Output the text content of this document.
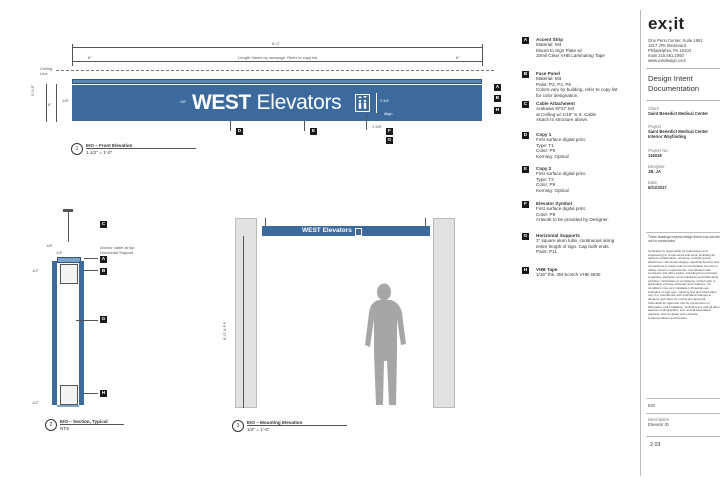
6'-0"
6"	6"
Length Varies by message. Refer to copy list
Ceiling
Line
WEST Elevators
1/8"	2 3/4"
Align
5'-9.5"
6"
1/8"
D	E	F
1 5/8"
G
A
B
H
1
EIO – Front Elevation
1 1/2" = 1'-0"
C
Anchor cable at top
Horizontal Support
1/8"
1/4"
1/2"
1/2"
A
B
G
H
2
EIO – Section, Typical
NTS
WEST Elevators
8'-0" A.F.F.
3
EIO – Mounting Elevation
1/2" = 1'-0"
A	Accent Strip
Material: M4
Mount to Sign Plate w/
10mil Clear VHB Laminating Tape
B	Face Panel
Material: M3
Paint: P2, P4, P6
Colors vary by building, refer to copy list
for color designation.
C	Cable Attachment
Arakawa SF37 Set
at Ceiling w/ 1/16" S.S. Cable
Attach to structure above.
D	Copy 1
First surface digital print.
Type: T1
Color: P9
Kerning: Optical
E	Copy 2
First surface digital print.
Type: T2
Color: P9
Kerning: Optical
F	Elevator Symbol
First surface digital print.
Color: P9
Artwork to be provided by Designer.
G	Horizontal Supports
1" square alum tube, continuous along
entire length of sign. Cap both ends.
Paint: P11
H	VHB Tape
1/16" thk. 3M Scotch VHB 4930
ex;it
One Penn Center, Suite 1661
1617 JFK Boulevard
Philadelphia, PA 19103
main 215.561.1950
www.exitdesign.com
Design Intent Documentation
Client
Saint Benedict Medical Center
Project
Saint Benedict Medical Center Interior Wayfinding
Project No
116028
Designer
JB, JA
Date
6/21/2017
These drawings express design intent only and are not for construction.
Contractor is responsible for final design and engineering of components and work, including all aspects of fabrication, structure, anchoring and attachment. Structural integrity, electrical function and connections to power and communication sources to satisfy owner's requirements. Coordination with contractor and other trades, including but not limited to lighting, electrical, communications and fabricating activities. Verification of compliance of field work to application of these drawings and notations. All conditions may vary installation. Drawings are indicative of sign type, showing text and information only if in coincidence with submitted changes to designer and client for review and approval. Submittals for approval. Not for construction or fabrication until installation, including any and all other features of all graphics, text, and all associated graphics, and complete cost estimate, implementations and finishes.
EIO
Description
Elevator ID
2.03
